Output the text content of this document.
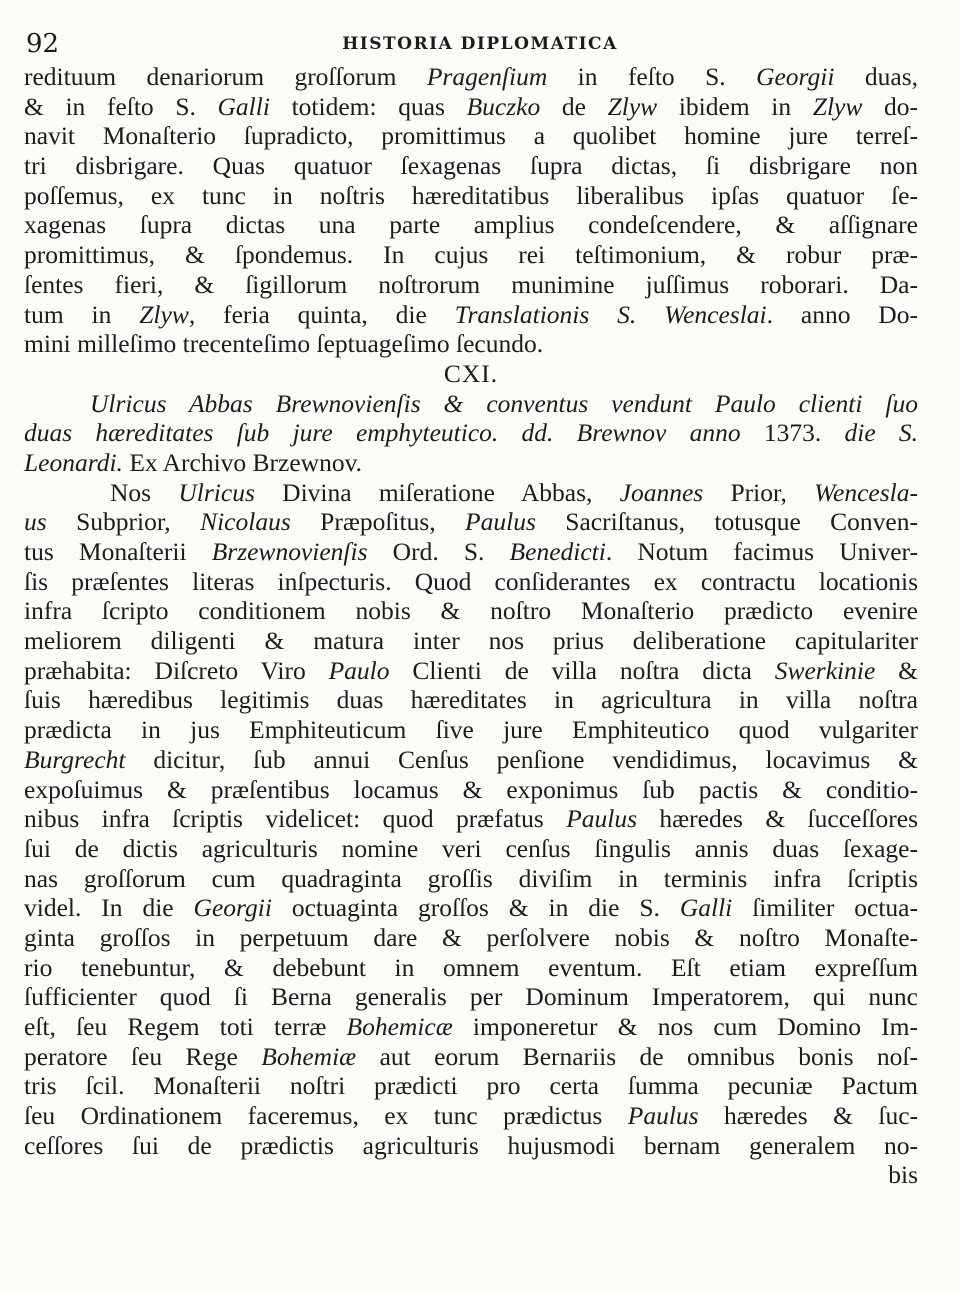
92	HISTORIA DIPLOMATICA
redituum denariorum groſſorum Pragenſium in feſto S. Georgii duas,
& in feſto S. Galli totidem: quas Buczko de Zlyw ibidem in Zlyw do-
navit Monaſterio ſupradicto, promittimus a quolibet homine jure terreſ-
tri disbrigare. Quas quatuor ſexagenas ſupra dictas, ſi disbrigare non
poſſemus, ex tunc in noſtris hæreditatibus liberalibus ipſas quatuor ſe-
xagenas ſupra dictas una parte amplius condeſcendere, & aſſignare
promittimus, & ſpondemus. In cujus rei teſtimonium, & robur præ-
ſentes fieri, & ſigillorum noſtrorum munimine juſſimus roborari. Da-
tum in Zlyw, feria quinta, die Translationis S. Wenceslai. anno Do-
mini milleſimo trecenteſimo ſeptuageſimo ſecundo.
CXI.
Ulricus Abbas Brewnovienſis & conventus vendunt Paulo clienti ſuo
duas hæreditates ſub jure emphyteutico. dd. Brewnov anno 1373. die S.
Leonardi. Ex Archivo Brzewnov.
Nos Ulricus Divina miſeratione Abbas, Joannes Prior, Wencesla-
us Subprior, Nicolaus Præpoſitus, Paulus Sacriſtanus, totusque Conven-
tus Monaſterii Brzewnovienſis Ord. S. Benedicti. Notum facimus Univer-
ſis præſentes literas inſpecturis. Quod conſiderantes ex contractu locationis
infra ſcripto conditionem nobis & noſtro Monaſterio prædicto evenire
meliorem diligenti & matura inter nos prius deliberatione capitulariter
præhabita: Diſcreto Viro Paulo Clienti de villa noſtra dicta Swerkinie &
ſuis hæredibus legitimis duas hæreditates in agricultura in villa noſtra
prædicta in jus Emphiteuticum ſive jure Emphiteutico quod vulgariter
Burgrecht dicitur, ſub annui Cenſus penſione vendidimus, locavimus &
expoſuimus & præſentibus locamus & exponimus ſub pactis & conditio-
nibus infra ſcriptis videlicet: quod præfatus Paulus hæredes & ſucceſſores
ſui de dictis agriculturis nomine veri cenſus ſingulis annis duas ſexage-
nas groſſorum cum quadraginta groſſis diviſim in terminis infra ſcriptis
videl. In die Georgii octuaginta groſſos & in die S. Galli ſimiliter octua-
ginta groſſos in perpetuum dare & perſolvere nobis & noſtro Monaſte-
rio tenebuntur, & debebunt in omnem eventum. Eſt etiam expreſſum
ſufficienter quod ſi Berna generalis per Dominum Imperatorem, qui nunc
eſt, ſeu Regem toti terræ Bohemicæ imponeretur & nos cum Domino Im-
peratore ſeu Rege Bohemiæ aut eorum Bernariis de omnibus bonis noſ-
tris ſcil. Monaſterii noſtri prædicti pro certa ſumma pecuniæ Pactum
ſeu Ordinationem faceremus, ex tunc prædictus Paulus hæredes & ſuc-
ceſſores ſui de prædictis agriculturis hujusmodi bernam generalem no-
bis
